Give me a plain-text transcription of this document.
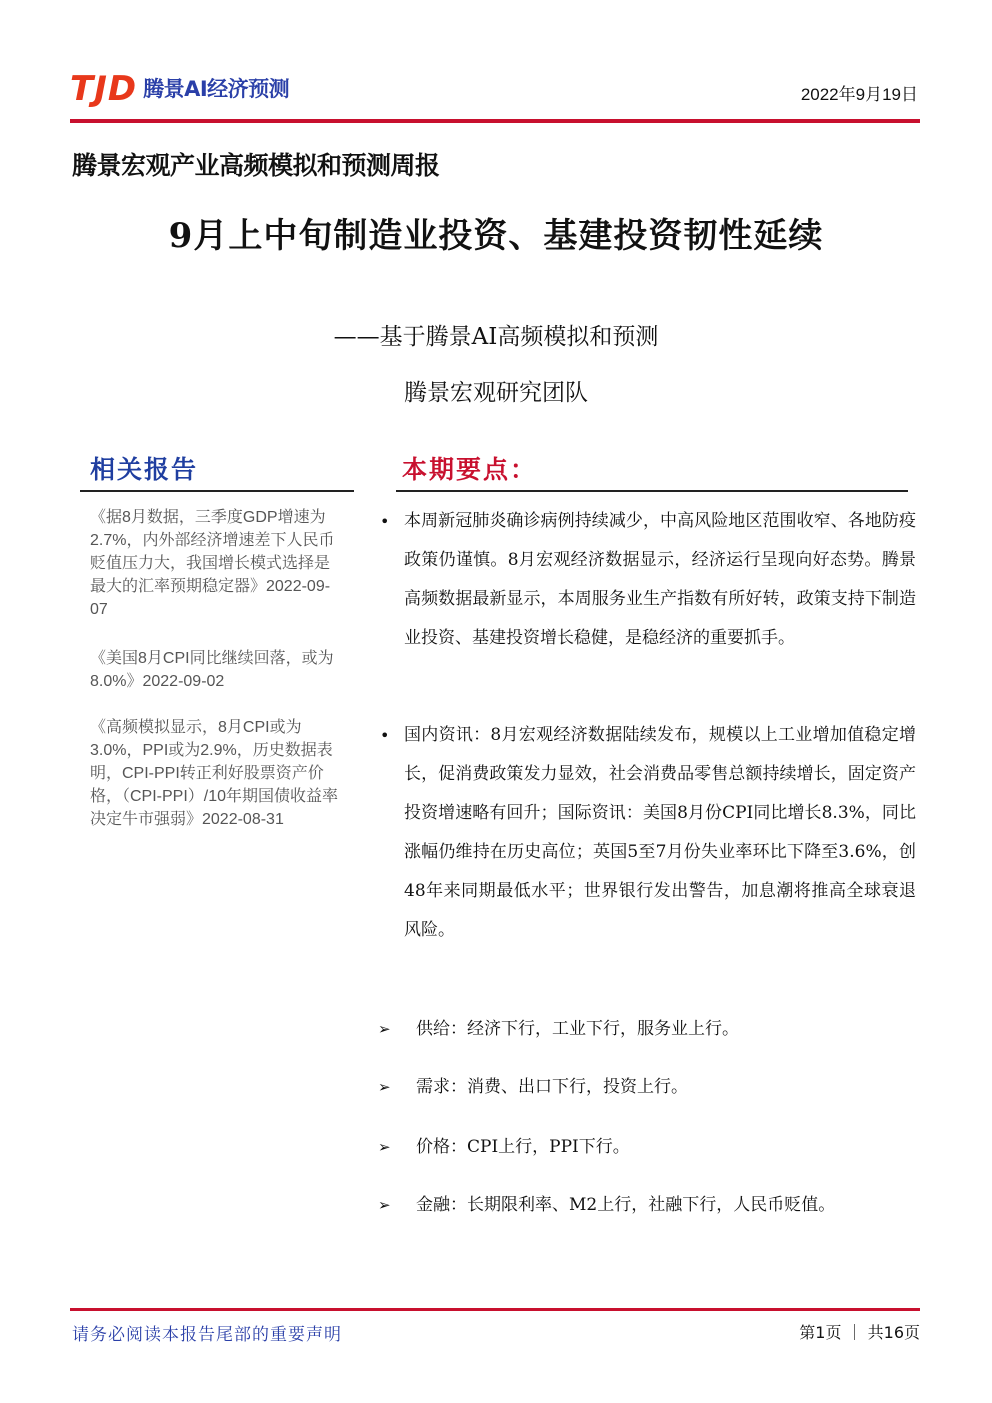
TJD 腾景AI经济预测	2022年9月19日
腾景宏观产业高频模拟和预测周报
9月上中旬制造业投资、基建投资韧性延续
——基于腾景AI高频模拟和预测
腾景宏观研究团队
相关报告
《据8月数据，三季度GDP增速为2.7%，内外部经济增速差下人民币贬值压力大，我国增长模式选择是最大的汇率预期稳定器》2022-09-07
《美国8月CPI同比继续回落，或为8.0%》2022-09-02
《高频模拟显示，8月CPI或为3.0%，PPI或为2.9%，历史数据表明，CPI-PPI转正利好股票资产价格，（CPI-PPI）/10年期国债收益率决定牛市强弱》2022-08-31
本期要点：
• 本周新冠肺炎确诊病例持续减少，中高风险地区范围收窄、各地防疫政策仍谨慎。8月宏观经济数据显示，经济运行呈现向好态势。腾景高频数据最新显示，本周服务业生产指数有所好转，政策支持下制造业投资、基建投资增长稳健，是稳经济的重要抓手。
• 国内资讯：8月宏观经济数据陆续发布，规模以上工业增加值稳定增长，促消费政策发力显效，社会消费品零售总额持续增长，固定资产投资增速略有回升；国际资讯：美国8月份CPI同比增长8.3%，同比涨幅仍维持在历史高位；英国5至7月份失业率环比下降至3.6%，创48年来同期最低水平；世界银行发出警告，加息潮将推高全球衰退风险。
➢ 供给：经济下行，工业下行，服务业上行。
➢ 需求：消费、出口下行，投资上行。
➢ 价格：CPI上行，PPI下行。
➢ 金融：长期限利率、M2上行，社融下行，人民币贬值。
请务必阅读本报告尾部的重要声明	第1页 ｜ 共16页
